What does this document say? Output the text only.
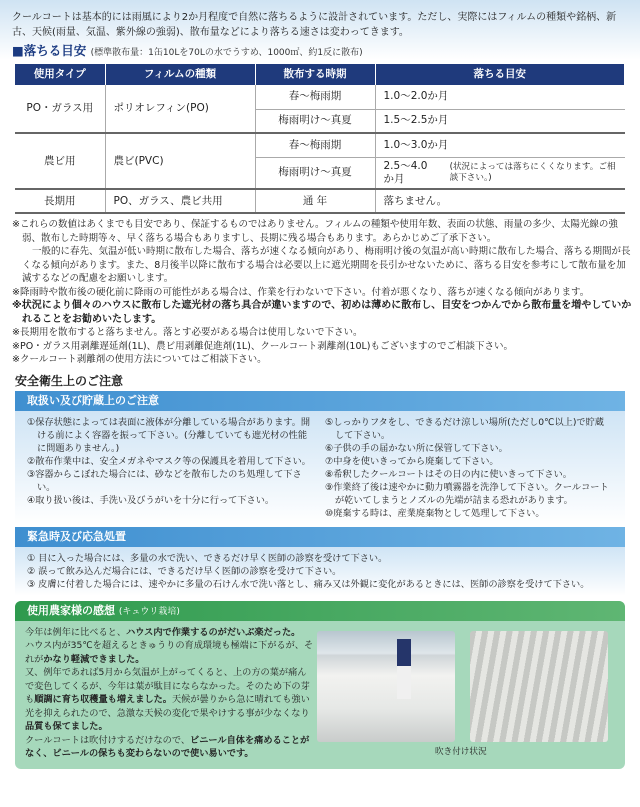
クールコートは基本的には雨風により2か月程度で自然に落ちるように設計されています。ただし、実際にはフィルムの種類や銘柄、新古、天候(雨量、気温、紫外線の強弱)、散布量などにより落ちる速さは変わってきます。

■落ちる目安 (標準散布量：1缶10Lを70Lの水でうすめ、1000㎡、約1反に散布)
使用タイプ	フィルムの種類	散布する時期	落ちる目安
PO・ガラス用	ポリオレフィン(PO)	春～梅雨期	1.0～2.0か月
		梅雨明け～真夏	1.5～2.5か月
農ビ用	農ビ(PVC)	春～梅雨期	1.0～3.0か月
		梅雨明け～真夏	2.5～4.0か月
(状況によっては落ちにくくなります。ご相談下さい。)

長期用	PO、ガラス、農ビ共用	通 年	落ちません。

※これらの数値はあくまでも目安であり、保証するものではありません。フィルムの種類や使用年数、表面の状態、雨量の多少、太陽光線の強弱、散布した時期等々、早く落ちる場合もありますし、長期に残る場合もあります。あらかじめご了承下さい。

一般的に春先、気温が低い時期に散布した場合、落ちが速くなる傾向があり、梅雨明け後の気温が高い時期に散布した場合、落ちる期間が長くなる傾向があります。また、8月後半以降に散布する場合は必要以上に遮光期間を長引かせないために、落ちる目安を参考にして散布量を加減するなどの配慮をお願いします。

※降雨時や散布後の硬化前に降雨の可能性がある場合は、作業を行わないで下さい。付着が悪くなり、落ちが速くなる傾向があります。

※状況により個々のハウスに散布した遮光材の落ち具合が違いますので、初めは薄めに散布し、目安をつかんでから散布量を増やしていかれることをお勧めいたします。

※長期用を散布すると落ちません。落とす必要がある場合は使用しないで下さい。

※PO・ガラス用剥離遅延剤(1L)、農ビ用剥離促進剤(1L)、クールコート剥離剤(10L)もございますのでご相談下さい。

※クールコート剥離剤の使用方法についてはご相談下さい。

安全衛生上のご注意
取扱い及び貯蔵上のご注意

①保存状態によっては表面に液体が分離している場合があります。開ける前によく容器を振って下さい。(分離していても遮光材の性能に問題ありません。)

②散布作業中は、安全メガネやマスク等の保護具を着用して下さい。

③容器からこぼれた場合には、砂などを散布したのち処理して下さい。

④取り扱い後は、手洗い及びうがいを十分に行って下さい。

⑤しっかりフタをし、できるだけ涼しい場所(ただし0℃以上)で貯蔵して下さい。

⑥子供の手の届かない所に保管して下さい。

⑦中身を使いきってから廃棄して下さい。

⑧希釈したクールコートはその日の内に使いきって下さい。

⑨作業終了後は速やかに動力噴霧器を洗浄して下さい。クールコートが乾いてしまうとノズルの先端が詰まる恐れがあります。

⑩廃棄する時は、産業廃棄物として処理して下さい。

緊急時及び応急処置

① 目に入った場合には、多量の水で洗い、できるだけ早く医師の診察を受けて下さい。

② 誤って飲み込んだ場合には、できるだけ早く医師の診察を受けて下さい。

③ 皮膚に付着した場合には、速やかに多量の石けん水で洗い落とし、痛み又は外観に変化があるときには、医師の診察を受けて下さい。

使用農家様の感想 (キュウリ栽培)

今年は例年に比べると、ハウス内で作業するのがだいぶ楽だった。

ハウス内が35℃を超えるときゅうりの育成環境も極端に下がるが、それがかなり軽減できました。

又、例年であれば5月から気温が上がってくると、上の方の葉が痛んで変色してくるが、今年は葉が駄目にならなかった。そのため下の芽も順調に育ち収穫量も増えました。天候が曇りから急に晴れても強い光を抑えられたので、急激な天候の変化で果やけする事が少なくなり品質も保てました。

クールコートは吹付けするだけなので、ビニール自体を痛めることがなく、ビニールの保ちも変わらないので使い易いです。	吹き付け状況
